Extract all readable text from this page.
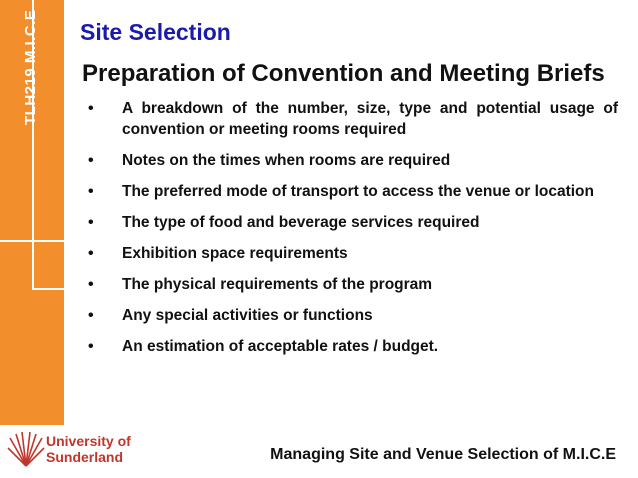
TLH219 M.I.C.E Site Selection
Preparation of Convention and Meeting Briefs
• A breakdown of the number, size, type and potential usage of convention or meeting rooms required
• Notes on the times when rooms are required
• The preferred mode of transport to access the venue or location
• The type of food and beverage services required
• Exhibition space requirements
• The physical requirements of the program
• Any special activities or functions
• An estimation of acceptable rates / budget.
University of
Sunderland	Managing Site and Venue Selection of M.I.C.E
